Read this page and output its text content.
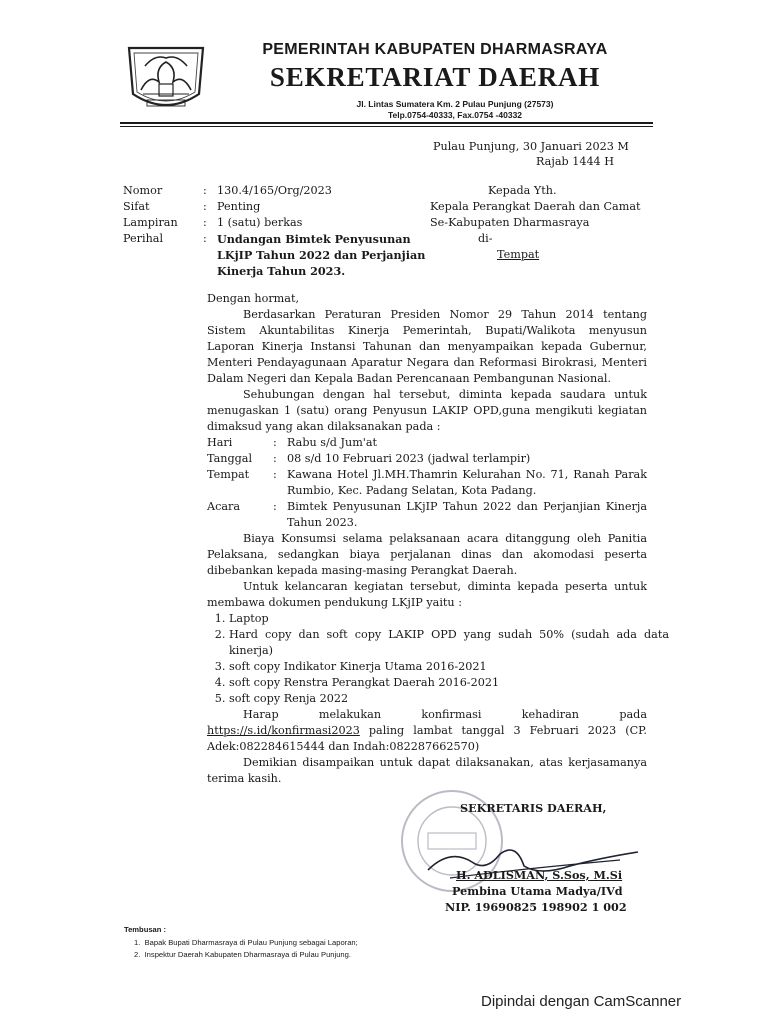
PEMERINTAH KABUPATEN DHARMASRAYA
SEKRETARIAT DAERAH
Jl. Lintas Sumatera Km. 2 Pulau Punjung (27573)
Telp.0754-40333, Fax.0754 -40332
Pulau Punjung, 30 Januari 2023 M
Rajab 1444 H
Nomor	: 130.4/165/Org/2023
Sifat	: Penting
Lampiran : 1 (satu) berkas
Perihal	: Undangan Bimtek Penyusunan
LKjIP Tahun 2022 dan Perjanjian
Kinerja Tahun 2023.
Kepada Yth.
Kepala Perangkat Daerah dan Camat
Se-Kabupaten Dharmasraya
di-
Tempat
Dengan hormat,
Berdasarkan Peraturan Presiden Nomor 29 Tahun 2014 tentang Sistem Akuntabilitas Kinerja Pemerintah, Bupati/Walikota menyusun Laporan Kinerja Instansi Tahunan dan menyampaikan kepada Gubernur, Menteri Pendayagunaan Aparatur Negara dan Reformasi Birokrasi, Menteri Dalam Negeri dan Kepala Badan Perencanaan Pembangunan Nasional.
Sehubungan dengan hal tersebut, diminta kepada saudara untuk menugaskan 1 (satu) orang Penyusun LAKIP OPD,guna mengikuti kegiatan dimaksud yang akan dilaksanakan pada :
Hari	: Rabu s/d Jum'at
Tanggal	: 08 s/d 10 Februari 2023 (jadwal terlampir)
Tempat	: Kawana Hotel Jl.MH.Thamrin Kelurahan No. 71, Ranah Parak Rumbio, Kec. Padang Selatan, Kota Padang.
Acara	: Bimtek Penyusunan LKjIP Tahun 2022 dan Perjanjian Kinerja Tahun 2023.
Biaya Konsumsi selama pelaksanaan acara ditanggung oleh Panitia Pelaksana, sedangkan biaya perjalanan dinas dan akomodasi peserta dibebankan kepada masing-masing Perangkat Daerah.
Untuk kelancaran kegiatan tersebut, diminta kepada peserta untuk membawa dokumen pendukung LKjIP yaitu :
1. Laptop
2. Hard copy dan soft copy LAKIP OPD yang sudah 50% (sudah ada data kinerja)
3. soft copy Indikator Kinerja Utama 2016-2021
4. soft copy Renstra Perangkat Daerah 2016-2021
5. soft copy Renja 2022
Harap melakukan konfirmasi kehadiran pada https://s.id/konfirmasi2023 paling lambat tanggal 3 Februari 2023 (CP. Adek:082284615444 dan Indah:082287662570)
Demikian disampaikan untuk dapat dilaksanakan, atas kerjasamanya terima kasih.
SEKRETARIS DAERAH,
H. ADLISMAN, S.Sos, M.Si
Pembina Utama Madya/IVd
NIP. 19690825 198902 1 002
Tembusan :
1.  Bapak Bupati Dharmasraya di Pulau Punjung sebagai Laporan;
2.  Inspektur Daerah Kabupaten Dharmasraya di Pulau Punjung.
Dipindai dengan CamScanner
